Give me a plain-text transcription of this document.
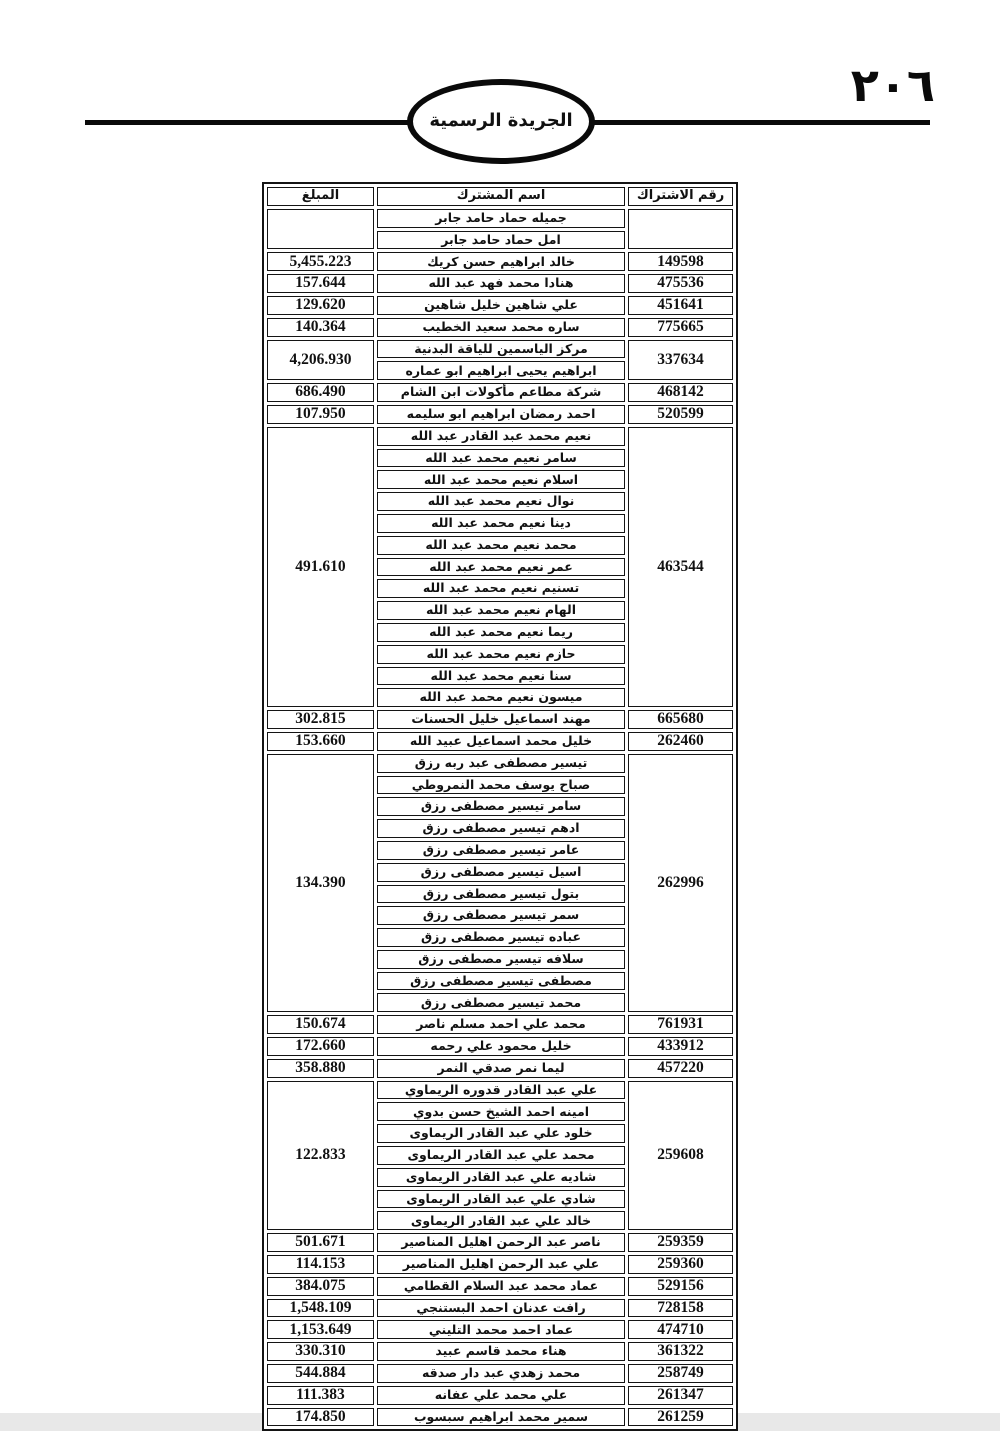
الجريدة الرسمية
٢٠٦
رقم الاشتراك	اسم المشترك	المبلغ
	جميله حماد حامد جابر	
	امل حماد حامد جابر	
149598	خالد ابراهيم حسن كريك	5,455.223
475536	هنادا محمد فهد عبد الله	157.644
451641	علي شاهين خليل شاهين	129.620
775665	ساره محمد سعيد الخطيب	140.364
337634	مركز الياسمين للياقة البدنية	4,206.930
	ابراهيم يحيى ابراهيم ابو عماره	
468142	شركة مطاعم مأكولات ابن الشام	686.490
520599	احمد رمضان ابراهيم ابو سليمه	107.950
463544	نعيم محمد عبد القادر عبد الله	491.610
	سامر نعيم محمد عبد الله	
	اسلام نعيم محمد عبد الله	
	نوال نعيم محمد عبد الله	
	دينا نعيم محمد عبد الله	
	محمد نعيم محمد عبد الله	
	عمر نعيم محمد عبد الله	
	تسنيم نعيم محمد عبد الله	
	الهام نعيم محمد عبد الله	
	ريما نعيم محمد عبد الله	
	حازم نعيم محمد عبد الله	
	سنا نعيم محمد عبد الله	
	ميسون نعيم محمد عبد الله	
665680	مهند اسماعيل خليل الحسنات	302.815
262460	خليل محمد اسماعيل عبيد الله	153.660
262996	تيسير مصطفى عبد ربه رزق	134.390
	صباح يوسف محمد النمروطي	
	سامر تيسير مصطفى رزق	
	ادهم تيسير مصطفى رزق	
	عامر تيسير مصطفى رزق	
	اسيل تيسير مصطفى رزق	
	بتول تيسير مصطفى رزق	
	سمر تيسير مصطفى رزق	
	عباده تيسير مصطفى رزق	
	سلافه تيسير مصطفى رزق	
	مصطفى تيسير مصطفى رزق	
	محمد تيسير مصطفى رزق	
761931	محمد علي احمد مسلم ناصر	150.674
433912	خليل محمود علي رحمه	172.660
457220	ليما نمر صدقي النمر	358.880
259608	علي عبد القادر قدوره الريماوي	122.833
	امينه احمد الشيخ حسن بدوي	
	خلود علي عبد القادر الريماوى	
	محمد علي عبد القادر الريماوى	
	شاديه علي عبد القادر الريماوى	
	شادي علي عبد القادر الريماوى	
	خالد علي عبد القادر الريماوى	
259359	ناصر عبد الرحمن اهليل المناصير	501.671
259360	علي عبد الرحمن اهليل المناصير	114.153
529156	عماد محمد عبد السلام القطامي	384.075
728158	رافت عدنان احمد البستنجي	1,548.109
474710	عماد احمد محمد التليني	1,153.649
361322	هناء محمد قاسم عبيد	330.310
258749	محمد زهدي عبد دار صدقه	544.884
261347	علي محمد علي عفانه	111.383
261259	سمير محمد ابراهيم سبسوب	174.850
